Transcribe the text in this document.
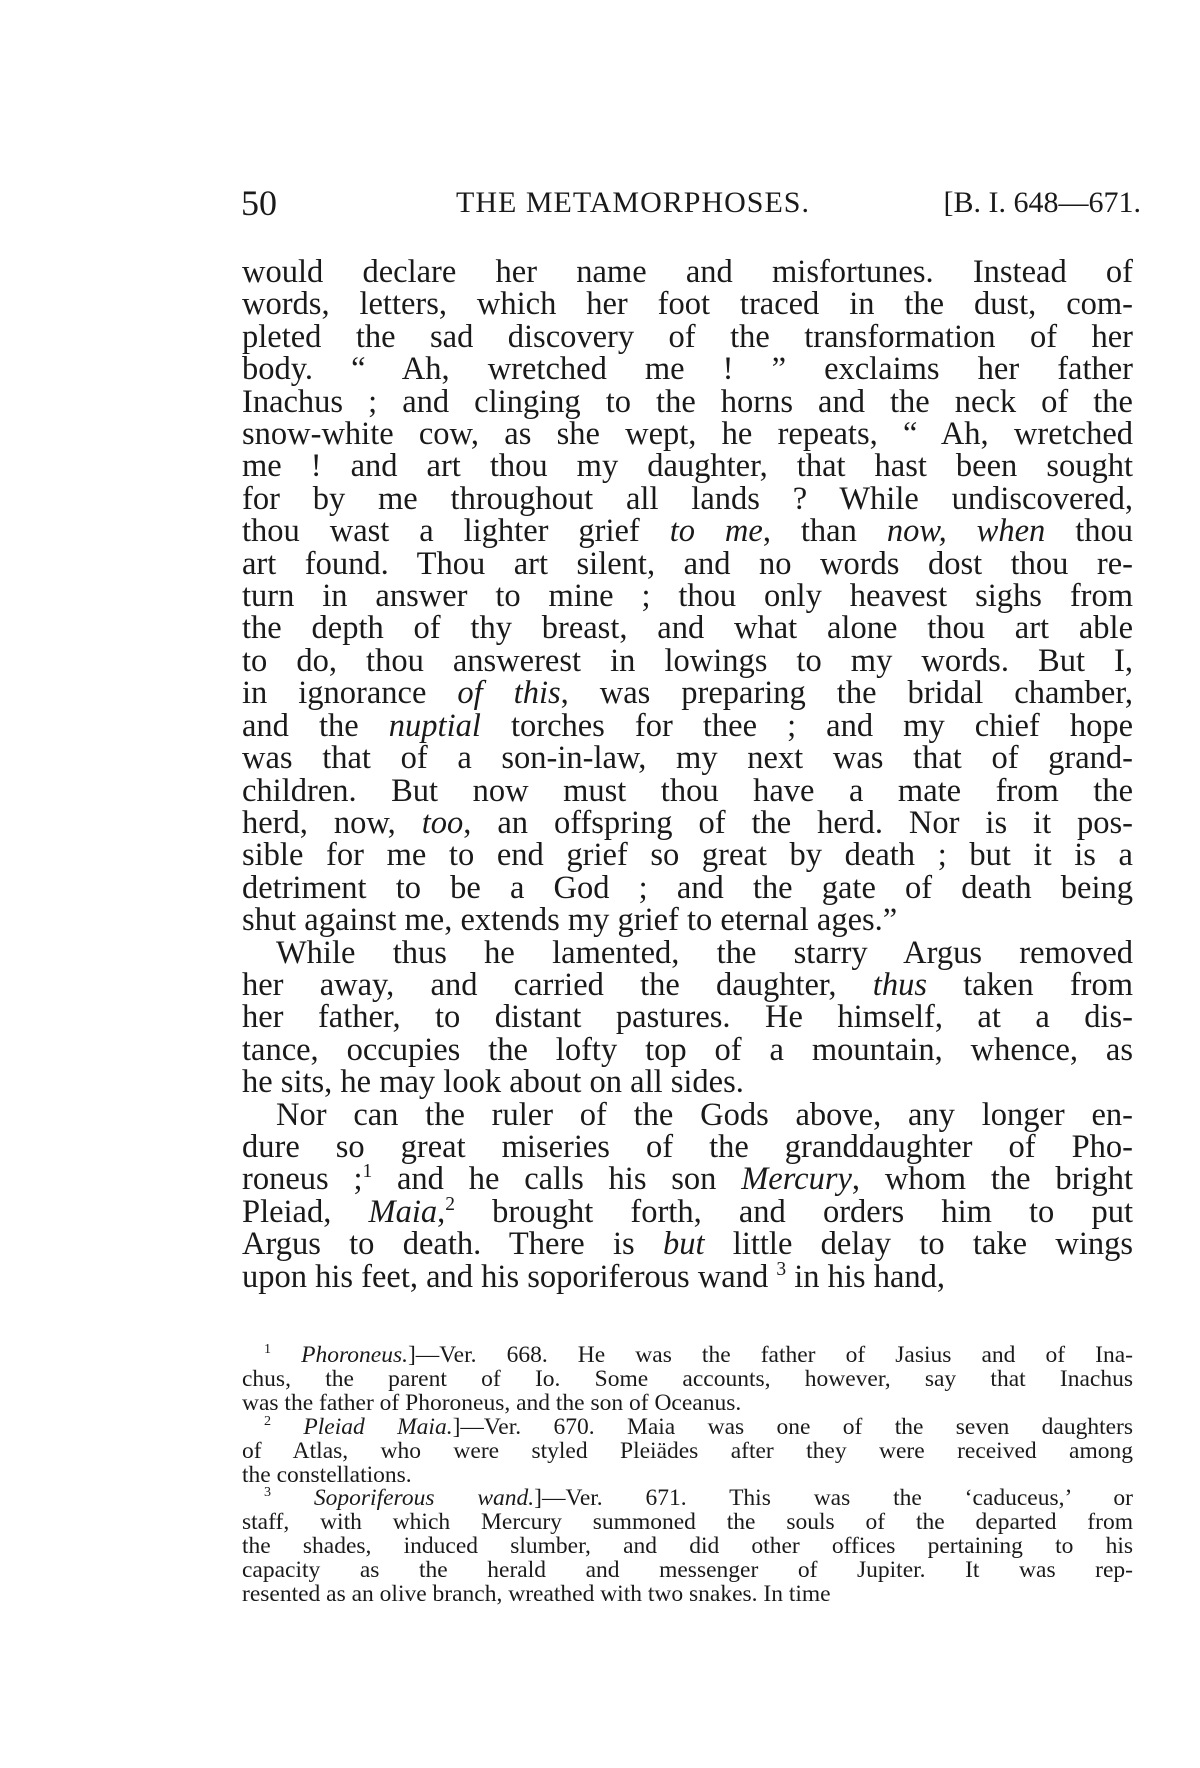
50	THE METAMORPHOSES.	[B. I. 648—671.
would declare her name and misfortunes. Instead of
words, letters, which her foot traced in the dust, com-
pleted the sad discovery of the transformation of her
body. “ Ah, wretched me ! ” exclaims her father
Inachus ; and clinging to the horns and the neck of the
snow-white cow, as she wept, he repeats, “ Ah, wretched
me ! and art thou my daughter, that hast been sought
for by me throughout all lands ? While undiscovered,
thou wast a lighter grief to me, than now, when thou
art found. Thou art silent, and no words dost thou re-
turn in answer to mine ; thou only heavest sighs from
the depth of thy breast, and what alone thou art able
to do, thou answerest in lowings to my words. But I,
in ignorance of this, was preparing the bridal chamber,
and the nuptial torches for thee ; and my chief hope
was that of a son-in-law, my next was that of grand-
children. But now must thou have a mate from the
herd, now, too, an offspring of the herd. Nor is it pos-
sible for me to end grief so great by death ; but it is a
detriment to be a God ; and the gate of death being
shut against me, extends my grief to eternal ages.”
While thus he lamented, the starry Argus removed
her away, and carried the daughter, thus taken from
her father, to distant pastures. He himself, at a dis-
tance, occupies the lofty top of a mountain, whence, as
he sits, he may look about on all sides.
Nor can the ruler of the Gods above, any longer en-
dure so great miseries of the granddaughter of Pho-
roneus ;$^1$ and he calls his son Mercury, whom the bright
Pleiad, Maia,$^2$ brought forth, and orders him to put
Argus to death. There is but little delay to take wings
upon his feet, and his soporiferous wand $^3$ in his hand,
$^1$ Phoroneus.]—Ver. 668. He was the father of Jasius and of Ina-
chus, the parent of Io. Some accounts, however, say that Inachus
was the father of Phoroneus, and the son of Oceanus.
$^2$ Pleiad Maia.]—Ver. 670. Maia was one of the seven daughters
of Atlas, who were styled Pleiädes after they were received among
the constellations.
$^3$ Soporiferous wand.]—Ver. 671. This was the ‘caduceus,’ or
staff, with which Mercury summoned the souls of the departed from
the shades, induced slumber, and did other offices pertaining to his
capacity as the herald and messenger of Jupiter. It was rep-
resented as an olive branch, wreathed with two snakes. In time
